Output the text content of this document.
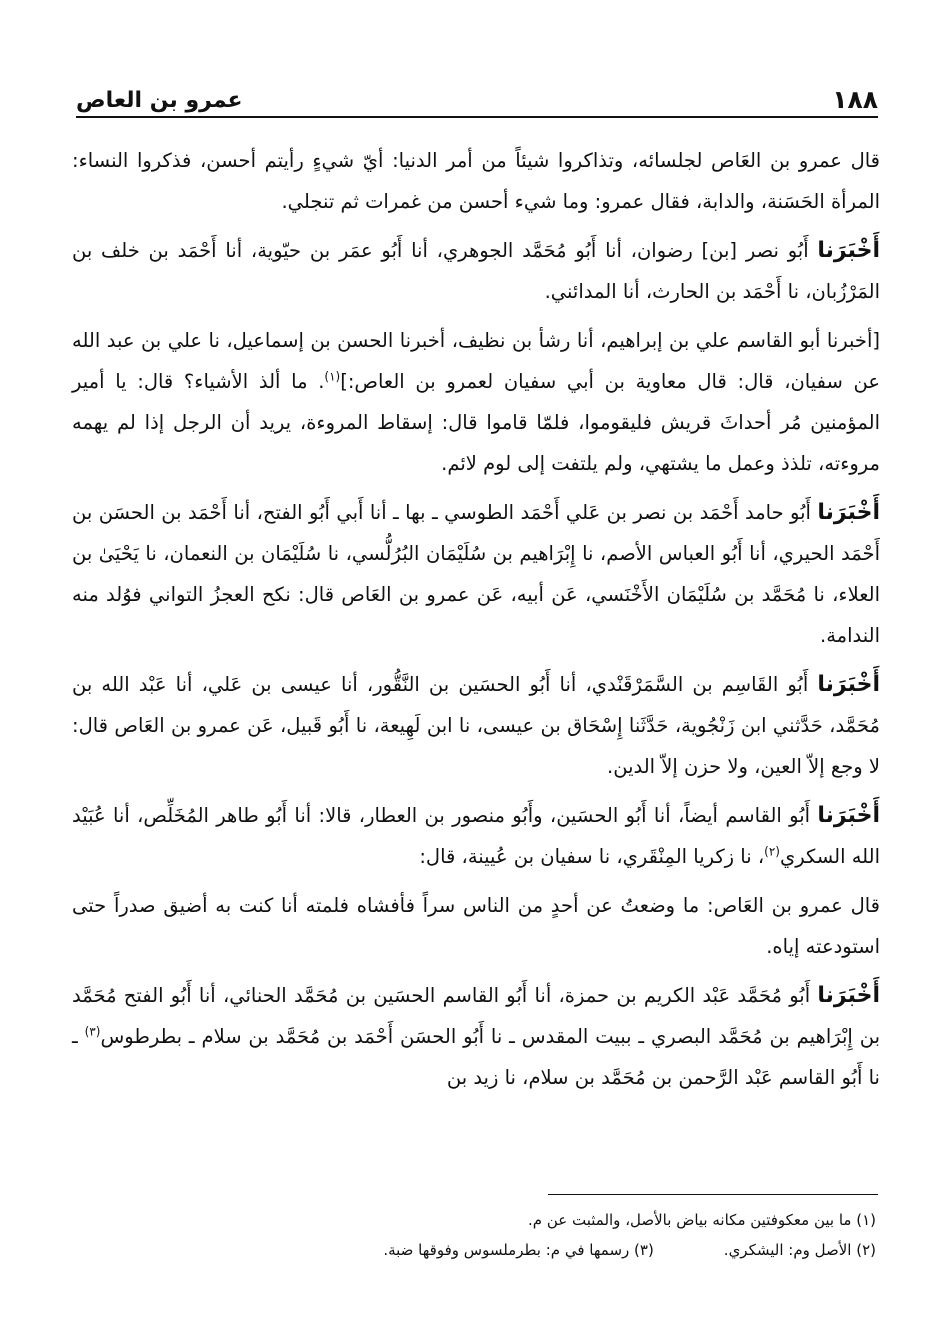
١٨٨
عمرو بن العاص

قال عمرو بن العَاص لجلسائه، وتذاكروا شيئاً من أمر الدنيا: أيّ شيءٍ رأيتم أحسن، فذكروا النساء: المرأة الحَسَنة، والدابة، فقال عمرو: وما شيء أحسن من غمرات ثم تنجلي.

أَخْبَرَنا أَبُو نصر [بن] رضوان، أنا أَبُو مُحَمَّد الجوهري، أنا أَبُو عمَر بن حيّوية، أنا أَحْمَد بن خلف بن المَرْزُبان، نا أَحْمَد بن الحارث، أنا المدائني.

[أخبرنا أبو القاسم علي بن إبراهيم، أنا رشأ بن نظيف، أخبرنا الحسن بن إسماعيل، نا علي بن عبد الله عن سفيان، قال: قال معاوية بن أبي سفيان لعمرو بن العاص:]$^{(١)}$. ما ألذ الأشياء؟ قال: يا أمير المؤمنين مُر أحداثَ قريش فليقوموا، فلمّا قاموا قال: إسقاط المروءة، يريد أن الرجل إذا لم يهمه مروءته، تلذذ وعمل ما يشتهي، ولم يلتفت إلى لوم لائم.

أَخْبَرَنا أَبُو حامد أَحْمَد بن نصر بن عَلي أَحْمَد الطوسي ـ بها ـ أنا أَبي أَبُو الفتح، أنا أَحْمَد بن الحسَن بن أَحْمَد الحيري، أنا أَبُو العباس الأصم، نا إِبْرَاهيم بن سُلَيْمَان البُرُلُّسي، نا سُلَيْمَان بن النعمان، نا يَحْيَىٰ بن العلاء، نا مُحَمَّد بن سُلَيْمَان الأَخْنَسي، عَن أبيه، عَن عمرو بن العَاص قال: نكح العجزُ التواني فوُلد منه الندامة.

أَخْبَرَنا أَبُو القَاسِم بن السَّمَرْقَنْدي، أنا أَبُو الحسَين بن النَّقُّور، أنا عيسى بن عَلي، أنا عَبْد الله بن مُحَمَّد، حَدَّثني ابن زَنْجُوية، حَدَّثَنا إِسْحَاق بن عيسى، نا ابن لَهِيعة، نا أَبُو قَبيل، عَن عمرو بن العَاص قال: لا وجع إلاّ العين، ولا حزن إلاّ الدين.

أَخْبَرَنا أَبُو القاسم أيضاً، أنا أَبُو الحسَين، وأَبُو منصور بن العطار، قالا: أنا أَبُو طاهر المُخَلِّص، أنا عُبَيْد الله السكري$^{(٢)}$، نا زكريا المِنْقَري، نا سفيان بن عُيينة، قال:

قال عمرو بن العَاص: ما وضعتُ عن أحدٍ من الناس سراً فأفشاه فلمته أنا كنت به أضيق صدراً حتى استودعته إياه.

أَخْبَرَنا أَبُو مُحَمَّد عَبْد الكريم بن حمزة، أنا أَبُو القاسم الحسَين بن مُحَمَّد الحنائي، أنا أَبُو الفتح مُحَمَّد بن إِبْرَاهيم بن مُحَمَّد البصري ـ ببيت المقدس ـ نا أَبُو الحسَن أَحْمَد بن مُحَمَّد بن سلام ـ بطرطوس$^{(٣)}$ ـ نا أَبُو القاسم عَبْد الرَّحمن بن مُحَمَّد بن سلام، نا زيد بن

(١) ما بين معكوفتين مكانه بياض بالأصل، والمثبت عن م.
(٢) الأصل وم: اليشكري.
(٣) رسمها في م: بطرملسوس وفوقها ضبة.
